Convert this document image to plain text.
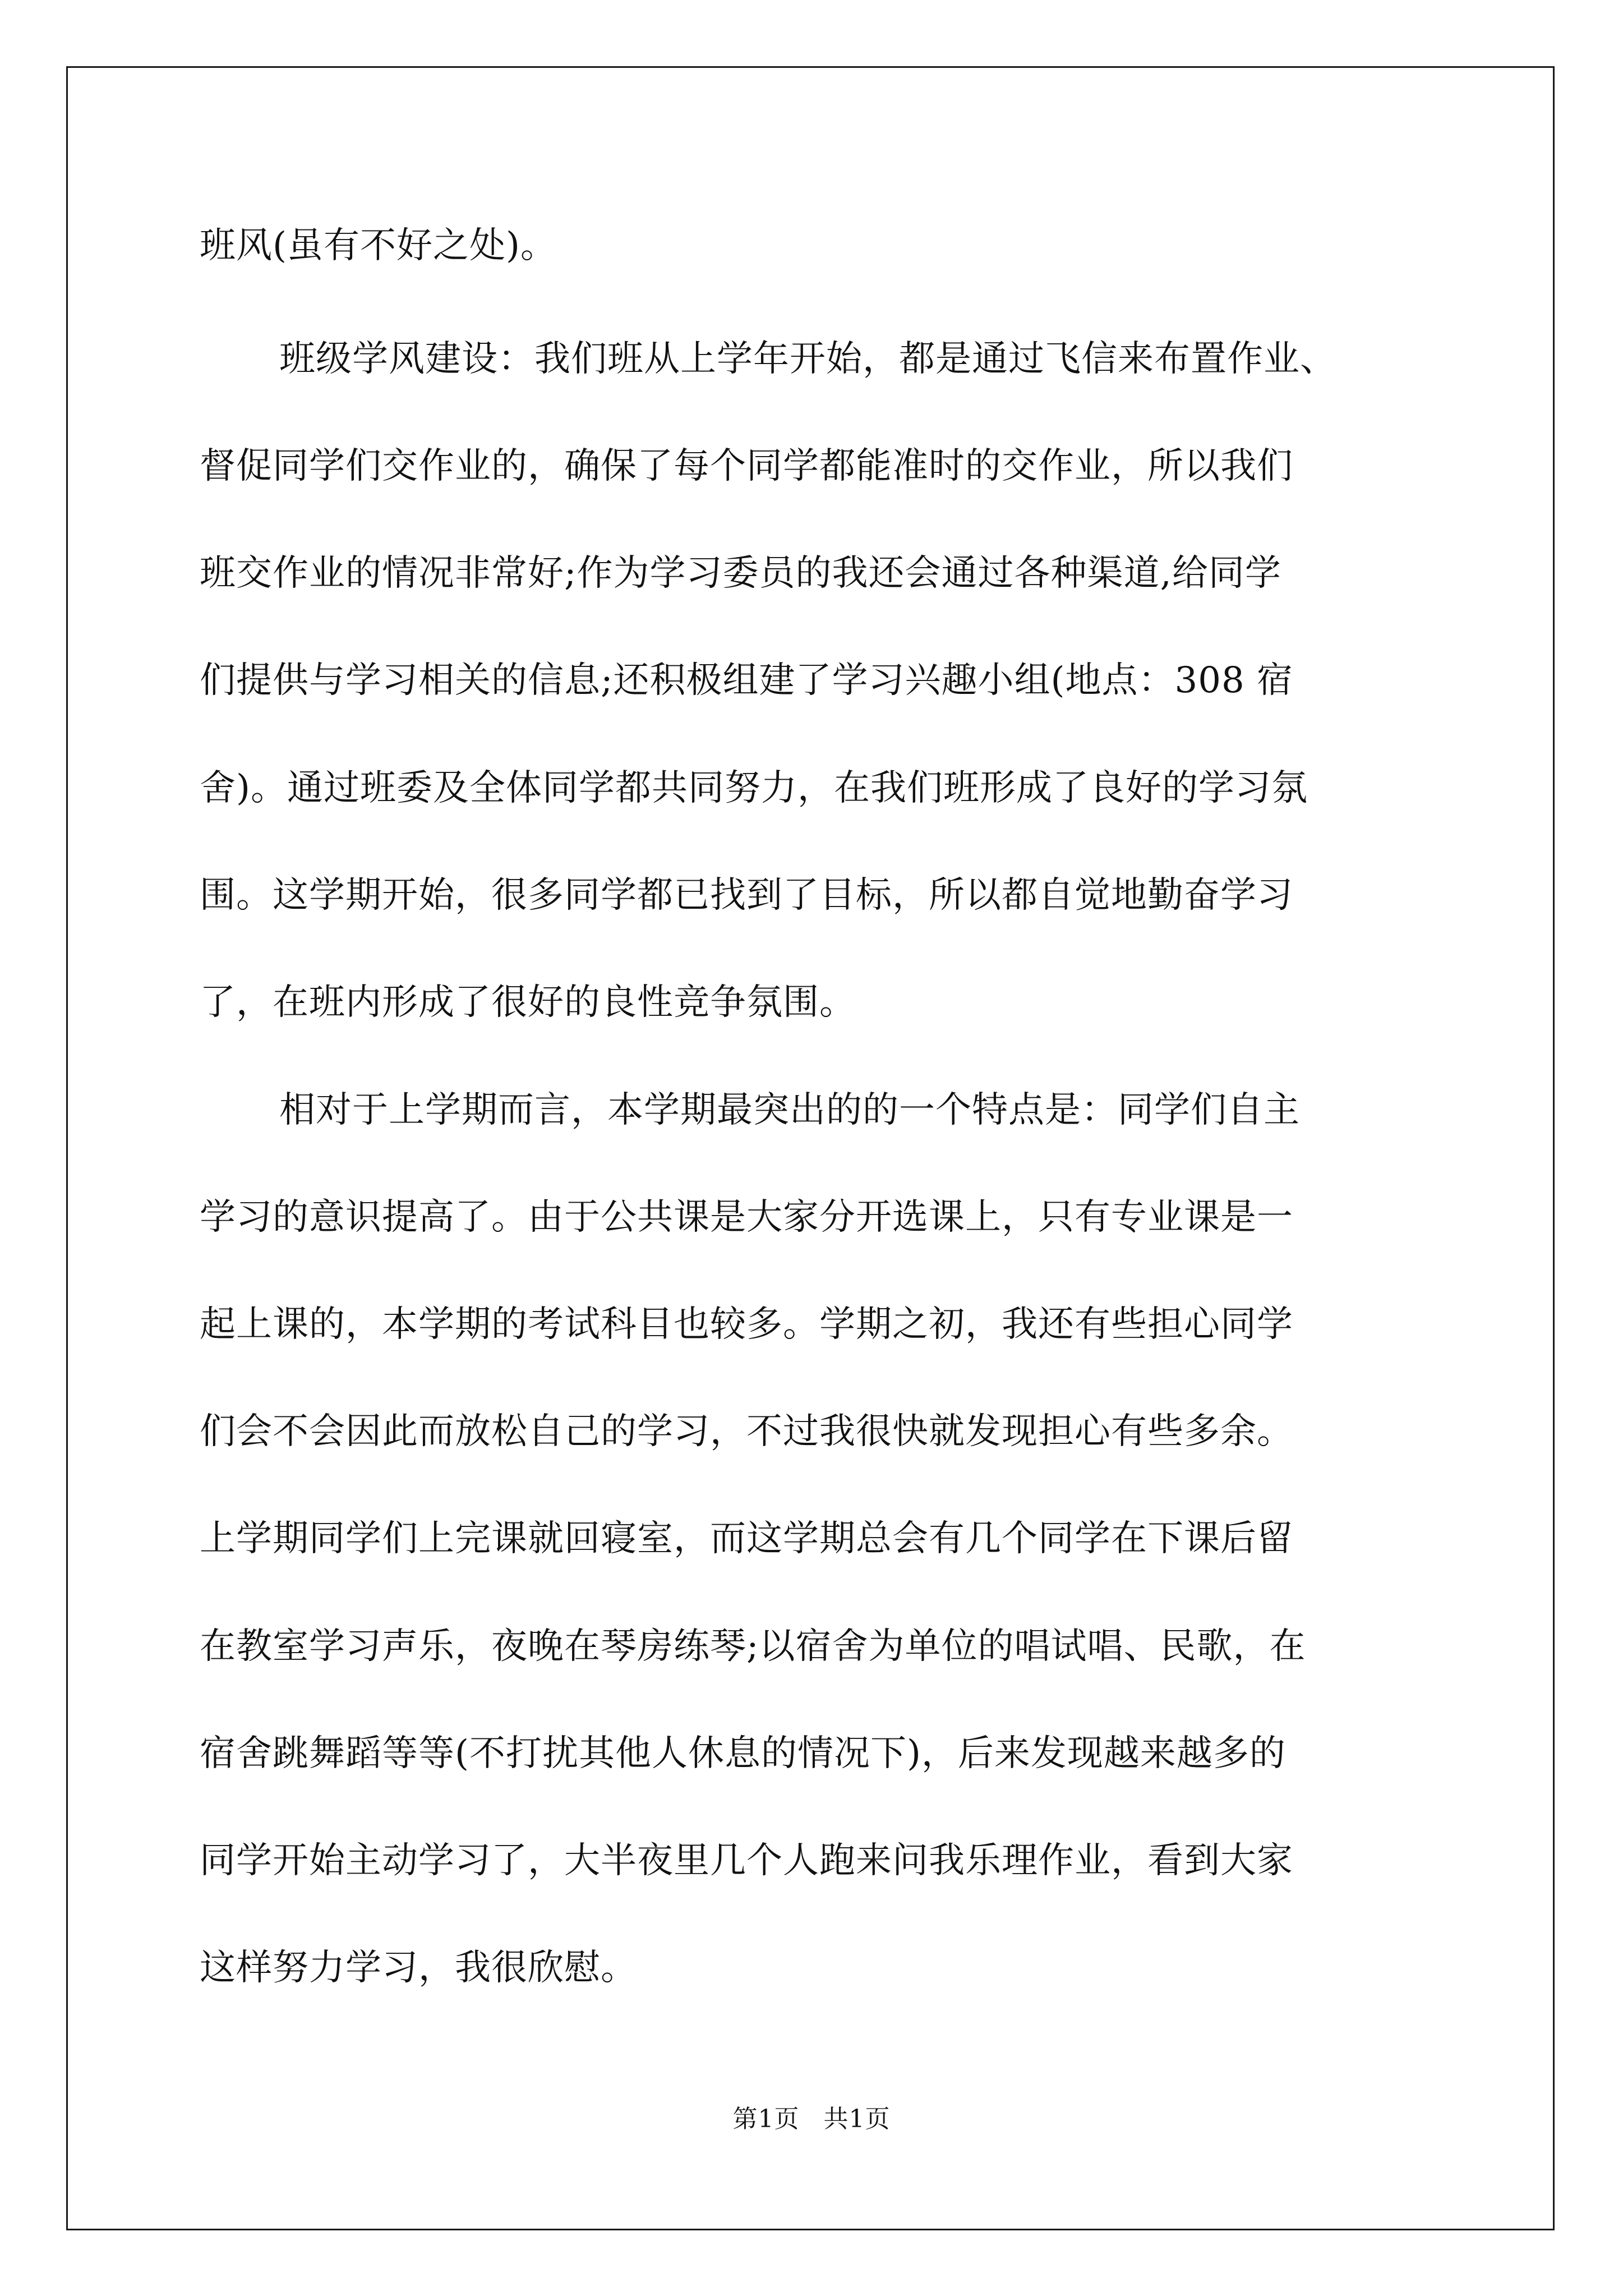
班风(虽有不好之处)。
班级学风建设：我们班从上学年开始，都是通过飞信来布置作业、
督促同学们交作业的，确保了每个同学都能准时的交作业，所以我们
班交作业的情况非常好;作为学习委员的我还会通过各种渠道,给同学
们提供与学习相关的信息;还积极组建了学习兴趣小组(地点：308 宿
舍)。通过班委及全体同学都共同努力，在我们班形成了良好的学习氛
围。这学期开始，很多同学都已找到了目标，所以都自觉地勤奋学习
了，在班内形成了很好的良性竞争氛围。
相对于上学期而言，本学期最突出的的一个特点是：同学们自主
学习的意识提高了。由于公共课是大家分开选课上，只有专业课是一
起上课的，本学期的考试科目也较多。学期之初，我还有些担心同学
们会不会因此而放松自己的学习，不过我很快就发现担心有些多余。
上学期同学们上完课就回寝室，而这学期总会有几个同学在下课后留
在教室学习声乐，夜晚在琴房练琴;以宿舍为单位的唱试唱、民歌，在
宿舍跳舞蹈等等(不打扰其他人休息的情况下)，后来发现越来越多的
同学开始主动学习了，大半夜里几个人跑来问我乐理作业，看到大家
这样努力学习，我很欣慰。
第1页 共1页
